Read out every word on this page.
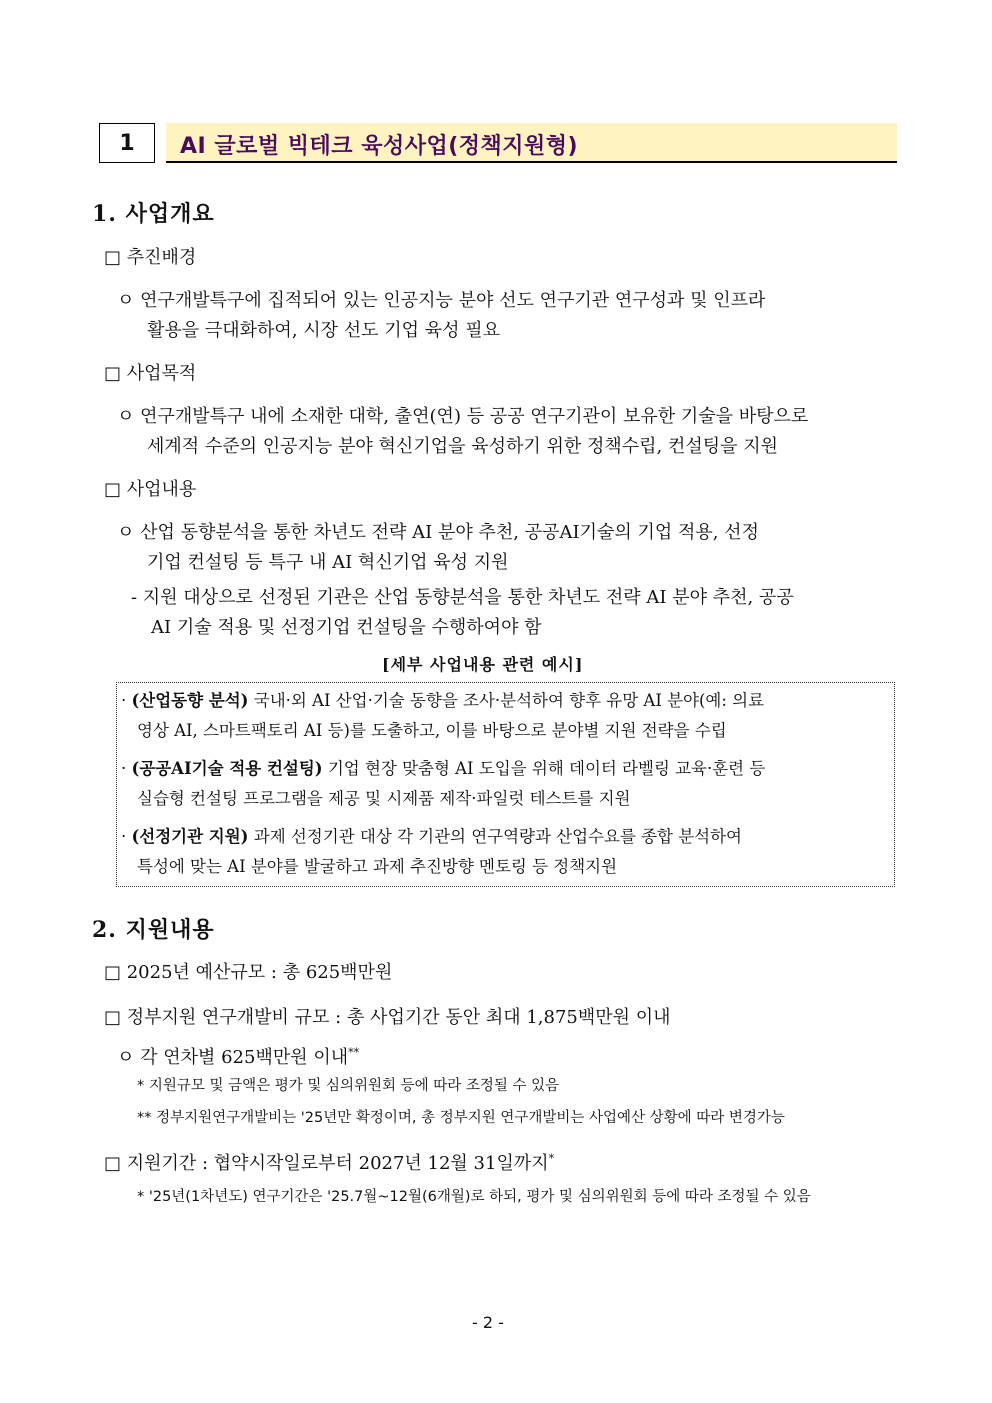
1 AI 글로벌 빅테크 육성사업(정책지원형)
1. 사업개요
□ 추진배경
ㅇ 연구개발특구에 집적되어 있는 인공지능 분야 선도 연구기관 연구성과 및 인프라
활용을 극대화하여, 시장 선도 기업 육성 필요
□ 사업목적
ㅇ 연구개발특구 내에 소재한 대학, 출연(연) 등 공공 연구기관이 보유한 기술을 바탕으로
세계적 수준의 인공지능 분야 혁신기업을 육성하기 위한 정책수립, 컨설팅을 지원
□ 사업내용
ㅇ 산업 동향분석을 통한 차년도 전략 AI 분야 추천, 공공AI기술의 기업 적용, 선정
기업 컨설팅 등 특구 내 AI 혁신기업 육성 지원
- 지원 대상으로 선정된 기관은 산업 동향분석을 통한 차년도 전략 AI 분야 추천, 공공
AI 기술 적용 및 선정기업 컨설팅을 수행하여야 함
[세부 사업내용 관련 예시]
· (산업동향 분석) 국내·외 AI 산업·기술 동향을 조사·분석하여 향후 유망 AI 분야(예: 의료
영상 AI, 스마트팩토리 AI 등)를 도출하고, 이를 바탕으로 분야별 지원 전략을 수립
· (공공AI기술 적용 컨설팅) 기업 현장 맞춤형 AI 도입을 위해 데이터 라벨링 교육·훈련 등
실습형 컨설팅 프로그램을 제공 및 시제품 제작·파일럿 테스트를 지원
· (선정기관 지원) 과제 선정기관 대상 각 기관의 연구역량과 산업수요를 종합 분석하여
특성에 맞는 AI 분야를 발굴하고 과제 추진방향 멘토링 등 정책지원
2. 지원내용
□ 2025년 예산규모 : 총 625백만원
□ 정부지원 연구개발비 규모 : 총 사업기간 동안 최대 1,875백만원 이내
ㅇ 각 연차별 625백만원 이내**
* 지원규모 및 금액은 평가 및 심의위원회 등에 따라 조정될 수 있음
** 정부지원연구개발비는 '25년만 확정이며, 총 정부지원 연구개발비는 사업예산 상황에 따라 변경가능
□ 지원기간 : 협약시작일로부터 2027년 12월 31일까지*
* '25년(1차년도) 연구기간은 '25.7월~12월(6개월)로 하되, 평가 및 심의위원회 등에 따라 조정될 수 있음
- 2 -
